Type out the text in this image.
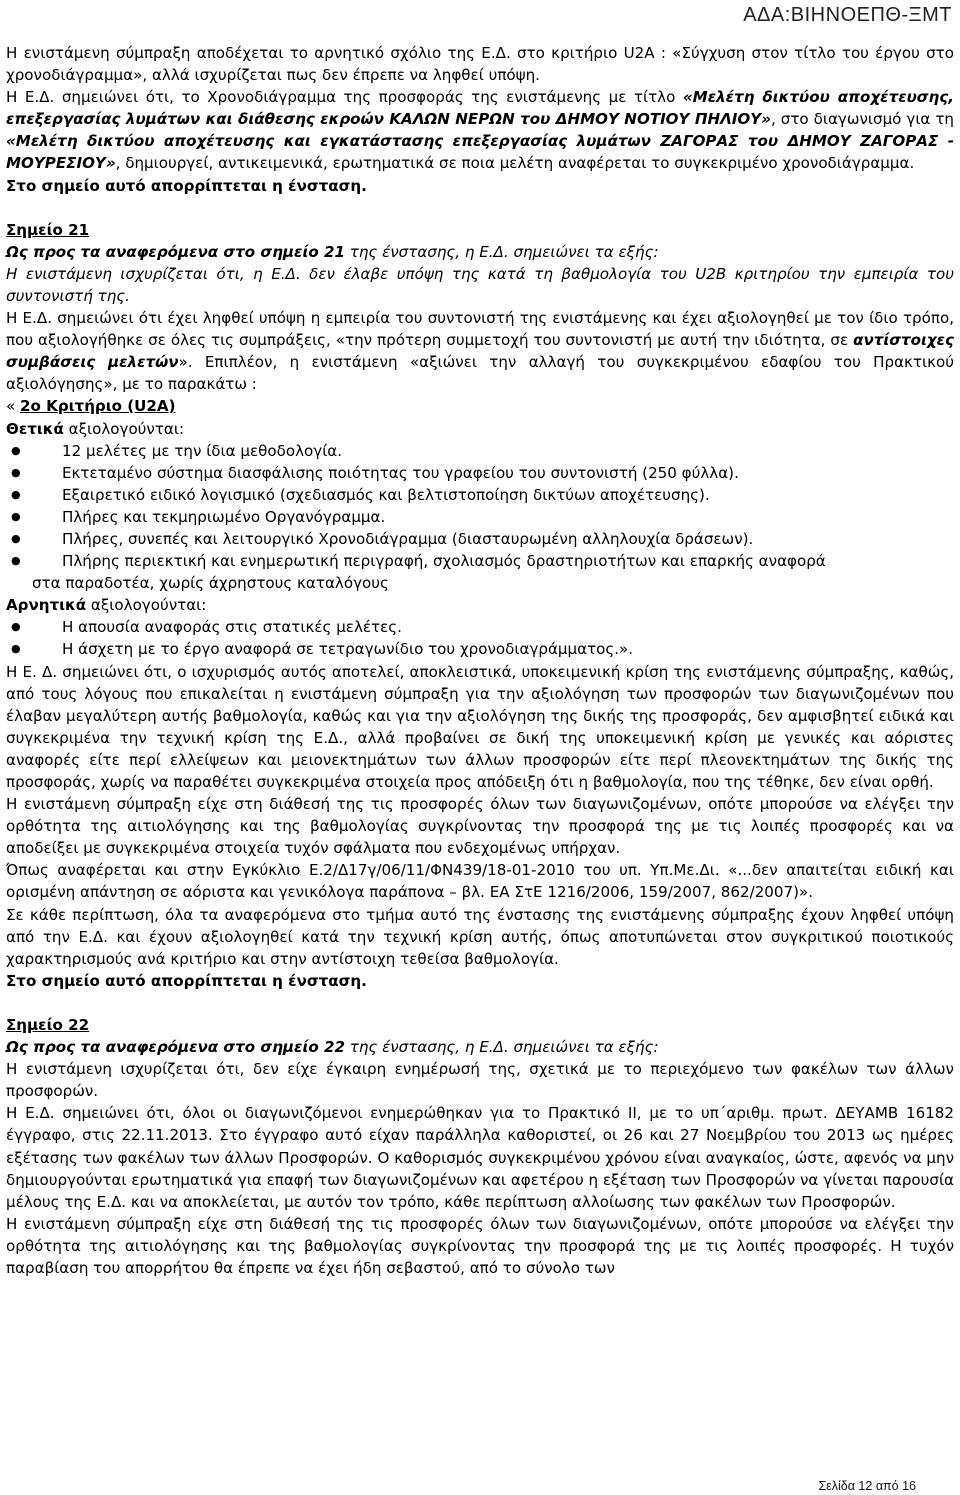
ΑΔΑ:ΒΙΗΝΟΕΠΘ-ΞΜΤ

Η ενιστάμενη σύμπραξη αποδέχεται το αρνητικό σχόλιο της Ε.Δ. στο κριτήριο U2A : «Σύγχυση στον τίτλο του έργου στο χρονοδιάγραμμα», αλλά ισχυρίζεται πως δεν έπρεπε να ληφθεί υπόψη.

Η Ε.Δ. σημειώνει ότι, το Χρονοδιάγραμμα της προσφοράς της ενιστάμενης με τίτλο «Μελέτη δικτύου αποχέτευσης, επεξεργασίας λυμάτων και διάθεσης εκροών ΚΑΛΩΝ ΝΕΡΩΝ του ΔΗΜΟΥ ΝΟΤΙΟΥ ΠΗΛΙΟΥ», στο διαγωνισμό για τη «Μελέτη δικτύου αποχέτευσης και εγκατάστασης επεξεργασίας λυμάτων ΖΑΓΟΡΑΣ του ΔΗΜΟΥ ΖΑΓΟΡΑΣ - ΜΟΥΡΕΣΙΟΥ», δημιουργεί, αντικειμενικά, ερωτηματικά σε ποια μελέτη αναφέρεται το συγκεκριμένο χρονοδιάγραμμα.

Στο σημείο αυτό απορρίπτεται η ένσταση.

Σημείο 21

Ως προς τα αναφερόμενα στο σημείο 21 της ένστασης, η Ε.Δ. σημειώνει τα εξής:

Η ενιστάμενη ισχυρίζεται ότι, η Ε.Δ. δεν έλαβε υπόψη της κατά τη βαθμολογία του U2B κριτηρίου την εμπειρία του συντονιστή της.

Η Ε.Δ. σημειώνει ότι έχει ληφθεί υπόψη η εμπειρία του συντονιστή της ενιστάμενης και έχει αξιολογηθεί με τον ίδιο τρόπο, που αξιολογήθηκε σε όλες τις συμπράξεις, «την πρότερη συμμετοχή του συντονιστή με αυτή την ιδιότητα, σε αντίστοιχες συμβάσεις μελετών». Επιπλέον, η ενιστάμενη «αξιώνει την αλλαγή του συγκεκριμένου εδαφίου του Πρακτικού αξιολόγησης», με το παρακάτω :

« 2ο Κριτήριο (U2A)

Θετικά αξιολογούνται:

● 12 μελέτες με την ίδια μεθοδολογία.
● Εκτεταμένο σύστημα διασφάλισης ποιότητας του γραφείου του συντονιστή (250 φύλλα).
● Εξαιρετικό ειδικό λογισμικό (σχεδιασμός και βελτιστοποίηση δικτύων αποχέτευσης).
● Πλήρες και τεκμηριωμένο Οργανόγραμμα.
● Πλήρες, συνεπές και λειτουργικό Χρονοδιάγραμμα (διασταυρωμένη αλληλουχία δράσεων).
● Πλήρης περιεκτική και ενημερωτική περιγραφή, σχολιασμός δραστηριοτήτων και επαρκής αναφορά

στα παραδοτέα, χωρίς άχρηστους καταλόγους

Αρνητικά αξιολογούνται:

● Η απουσία αναφοράς στις στατικές μελέτες.
● Η άσχετη με το έργο αναφορά σε τετραγωνίδιο του χρονοδιαγράμματος.».

Η Ε. Δ. σημειώνει ότι, ο ισχυρισμός αυτός αποτελεί, αποκλειστικά, υποκειμενική κρίση της ενιστάμενης σύμπραξης, καθώς, από τους λόγους που επικαλείται η ενιστάμενη σύμπραξη για την αξιολόγηση των προσφορών των διαγωνιζομένων που έλαβαν μεγαλύτερη αυτής βαθμολογία, καθώς και για την αξιολόγηση της δικής της προσφοράς, δεν αμφισβητεί ειδικά και συγκεκριμένα την τεχνική κρίση της Ε.Δ., αλλά προβαίνει σε δική της υποκειμενική κρίση με γενικές και αόριστες αναφορές είτε περί ελλείψεων και μειονεκτημάτων των άλλων προσφορών είτε περί πλεονεκτημάτων της δικής της προσφοράς, χωρίς να παραθέτει συγκεκριμένα στοιχεία προς απόδειξη ότι η βαθμολογία, που της τέθηκε, δεν είναι ορθή.

Η ενιστάμενη σύμπραξη είχε στη διάθεσή της τις προσφορές όλων των διαγωνιζομένων, οπότε μπορούσε να ελέγξει την ορθότητα της αιτιολόγησης και της βαθμολογίας συγκρίνοντας την προσφορά της με τις λοιπές προσφορές και να αποδείξει με συγκεκριμένα στοιχεία τυχόν σφάλματα που ενδεχομένως υπήρχαν.

Όπως αναφέρεται και στην Εγκύκλιο Ε.2/Δ17γ/06/11/ΦΝ439/18-01-2010 του υπ. Υπ.Με.Δι. «...δεν απαιτείται ειδική και ορισμένη απάντηση σε αόριστα και γενικόλογα παράπονα – βλ. ΕΑ ΣτΕ 1216/2006, 159/2007, 862/2007)».

Σε κάθε περίπτωση, όλα τα αναφερόμενα στο τμήμα αυτό της ένστασης της ενιστάμενης σύμπραξης έχουν ληφθεί υπόψη από την Ε.Δ. και έχουν αξιολογηθεί κατά την τεχνική κρίση αυτής, όπως αποτυπώνεται στον συγκριτικού ποιοτικούς χαρακτηρισμούς ανά κριτήριο και στην αντίστοιχη τεθείσα βαθμολογία.

Στο σημείο αυτό απορρίπτεται η ένσταση.

Σημείο 22

Ως προς τα αναφερόμενα στο σημείο 22 της ένστασης, η Ε.Δ. σημειώνει τα εξής:

Η ενιστάμενη ισχυρίζεται ότι, δεν είχε έγκαιρη ενημέρωσή της, σχετικά με το περιεχόμενο των φακέλων των άλλων προσφορών.

Η Ε.Δ. σημειώνει ότι, όλοι οι διαγωνιζόμενοι ενημερώθηκαν για το Πρακτικό ΙΙ, με το υπ΄αριθμ. πρωτ. ΔΕΥΑΜΒ 16182 έγγραφο, στις 22.11.2013. Στο έγγραφο αυτό είχαν παράλληλα καθοριστεί, οι 26 και 27 Νοεμβρίου του 2013 ως ημέρες εξέτασης των φακέλων των άλλων Προσφορών. Ο καθορισμός συγκεκριμένου χρόνου είναι αναγκαίος, ώστε, αφενός να μην δημιουργούνται ερωτηματικά για επαφή των διαγωνιζομένων και αφετέρου η εξέταση των Προσφορών να γίνεται παρουσία μέλους της Ε.Δ. και να αποκλείεται, με αυτόν τον τρόπο, κάθε περίπτωση αλλοίωσης των φακέλων των Προσφορών.

Η ενιστάμενη σύμπραξη είχε στη διάθεσή της τις προσφορές όλων των διαγωνιζομένων, οπότε μπορούσε να ελέγξει την ορθότητα της αιτιολόγησης και της βαθμολογίας συγκρίνοντας την προσφορά της με τις λοιπές προσφορές. Η τυχόν παραβίαση του απορρήτου θα έπρεπε να έχει ήδη σεβαστού, από το σύνολο των

Σελίδα 12 από 16
